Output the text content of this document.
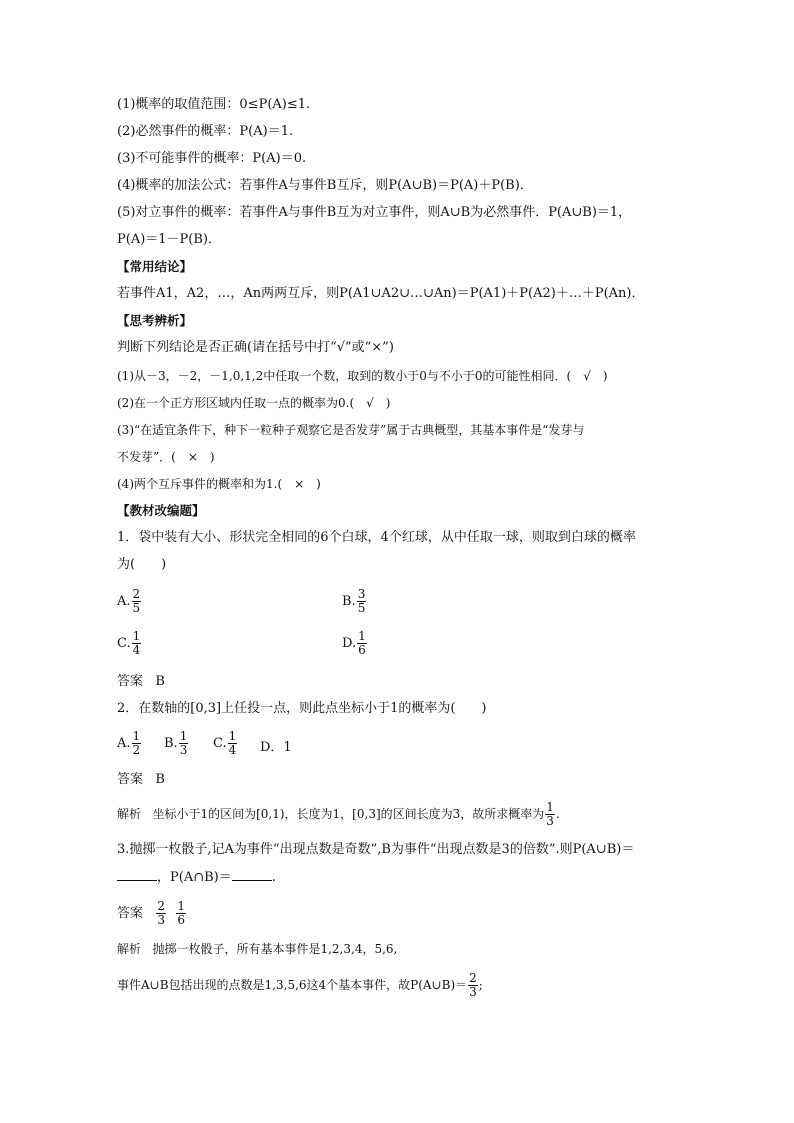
(1)概率的取值范围：0≤P(A)≤1.
(2)必然事件的概率：P(A)＝1.
(3)不可能事件的概率：P(A)＝0.
(4)概率的加法公式：若事件A与事件B互斥，则P(A∪B)＝P(A)＋P(B)．
(5)对立事件的概率：若事件A与事件B互为对立事件，则A∪B为必然事件．P(A∪B)＝1，
P(A)＝1－P(B)．
【常用结论】
若事件A1，A2，…，An两两互斥，则P(A1∪A2∪…∪An)＝P(A1)＋P(A2)＋…＋P(An)．
【思考辨析】
判断下列结论是否正确(请在括号中打“√”或“×”)
(1)从－3，－2，－1,0,1,2中任取一个数，取到的数小于0与不小于0的可能性相同．(　√　)
(2)在一个正方形区域内任取一点的概率为0.(　√　)
(3)“在适宜条件下，种下一粒种子观察它是否发芽”属于古典概型，其基本事件是“发芽与
不发芽”．(　×　)
(4)两个互斥事件的概率和为1.(　×　)
【教材改编题】
1．袋中装有大小、形状完全相同的6个白球，4个红球，从中任取一球，则取到白球的概率
为(　　)
A. $\frac{2}{5}$	B. $\frac{3}{5}$
C. $\frac{1}{4}$	D. $\frac{1}{6}$
答案 B
2．在数轴的[0,3]上任投一点，则此点坐标小于1的概率为(　　)
A. $\frac{1}{2} B$. $\frac{1}{3} C$. $\frac{1}{4}$ D．1
答案 B
解析 坐标小于1的区间为[0,1)，长度为1，[0,3]的区间长度为3，故所求概率为 $\frac{1}{3}$ .
3.抛掷一枚骰子,记A为事件“出现点数是奇数”,B为事件“出现点数是3的倍数”.则P(A∪B)＝
，P(A∩B)＝	.
答案 $\frac{2}{3}$
$\frac{1}{6}$
解析 抛掷一枚骰子，所有基本事件是1,2,3,4，5,6,
事件A∪B包括出现的点数是1,3,5,6这4个基本事件，故P(A∪B)＝ $\frac{2}{3}$ ;
